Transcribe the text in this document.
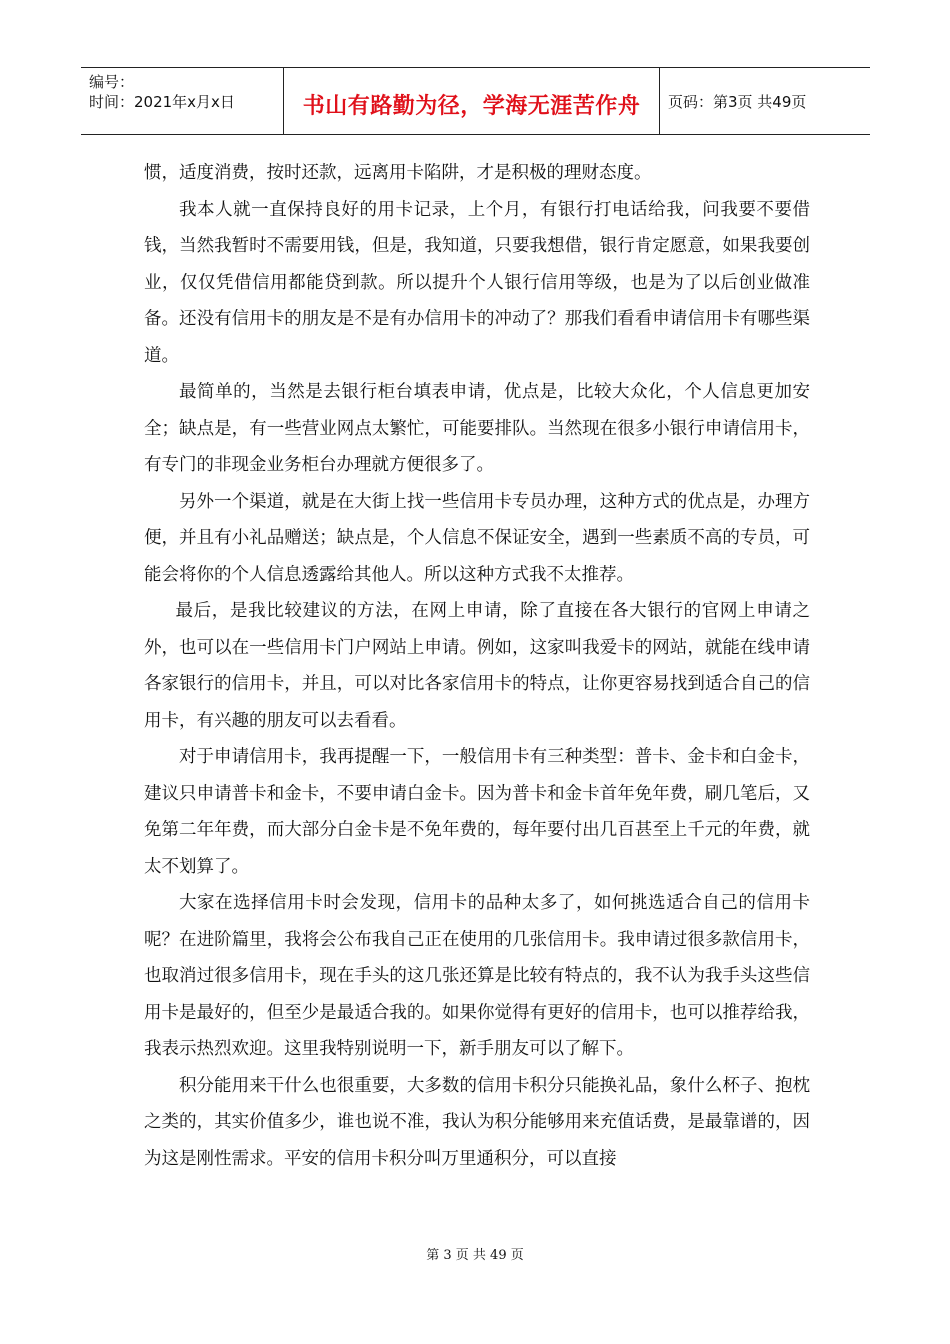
编号：
时间：2021年x月x日	书山有路勤为径，学海无涯苦作舟 页码：第3页 共49页

惯，适度消费，按时还款，远离用卡陷阱，才是积极的理财态度。

我本人就一直保持良好的用卡记录，上个月，有银行打电话给我，问我要不要借钱，当然我暂时不需要用钱，但是，我知道，只要我想借，银行肯定愿意，如果我要创业，仅仅凭借信用都能贷到款。所以提升个人银行信用等级，也是为了以后创业做准备。还没有信用卡的朋友是不是有办信用卡的冲动了？那我们看看申请信用卡有哪些渠道。

最简单的，当然是去银行柜台填表申请，优点是，比较大众化，个人信息更加安全；缺点是，有一些营业网点太繁忙，可能要排队。当然现在很多小银行申请信用卡，有专门的非现金业务柜台办理就方便很多了。

另外一个渠道，就是在大街上找一些信用卡专员办理，这种方式的优点是，办理方便，并且有小礼品赠送；缺点是，个人信息不保证安全，遇到一些素质不高的专员，可能会将你的个人信息透露给其他人。所以这种方式我不太推荐。

最后，是我比较建议的方法，在网上申请，除了直接在各大银行的官网上申请之外，也可以在一些信用卡门户网站上申请。例如，这家叫我爱卡的网站，就能在线申请各家银行的信用卡，并且，可以对比各家信用卡的特点，让你更容易找到适合自己的信用卡，有兴趣的朋友可以去看看。

对于申请信用卡，我再提醒一下，一般信用卡有三种类型：普卡、金卡和白金卡，建议只申请普卡和金卡，不要申请白金卡。因为普卡和金卡首年免年费，刷几笔后，又免第二年年费，而大部分白金卡是不免年费的，每年要付出几百甚至上千元的年费，就太不划算了。

大家在选择信用卡时会发现，信用卡的品种太多了，如何挑选适合自己的信用卡呢？在进阶篇里，我将会公布我自己正在使用的几张信用卡。我申请过很多款信用卡，也取消过很多信用卡，现在手头的这几张还算是比较有特点的，我不认为我手头这些信用卡是最好的，但至少是最适合我的。如果你觉得有更好的信用卡，也可以推荐给我，我表示热烈欢迎。这里我特别说明一下，新手朋友可以了解下。

积分能用来干什么也很重要，大多数的信用卡积分只能换礼品，象什么杯子、抱枕之类的，其实价值多少，谁也说不准，我认为积分能够用来充值话费，是最靠谱的，因为这是刚性需求。平安的信用卡积分叫万里通积分，可以直接

第 3 页 共 49 页
